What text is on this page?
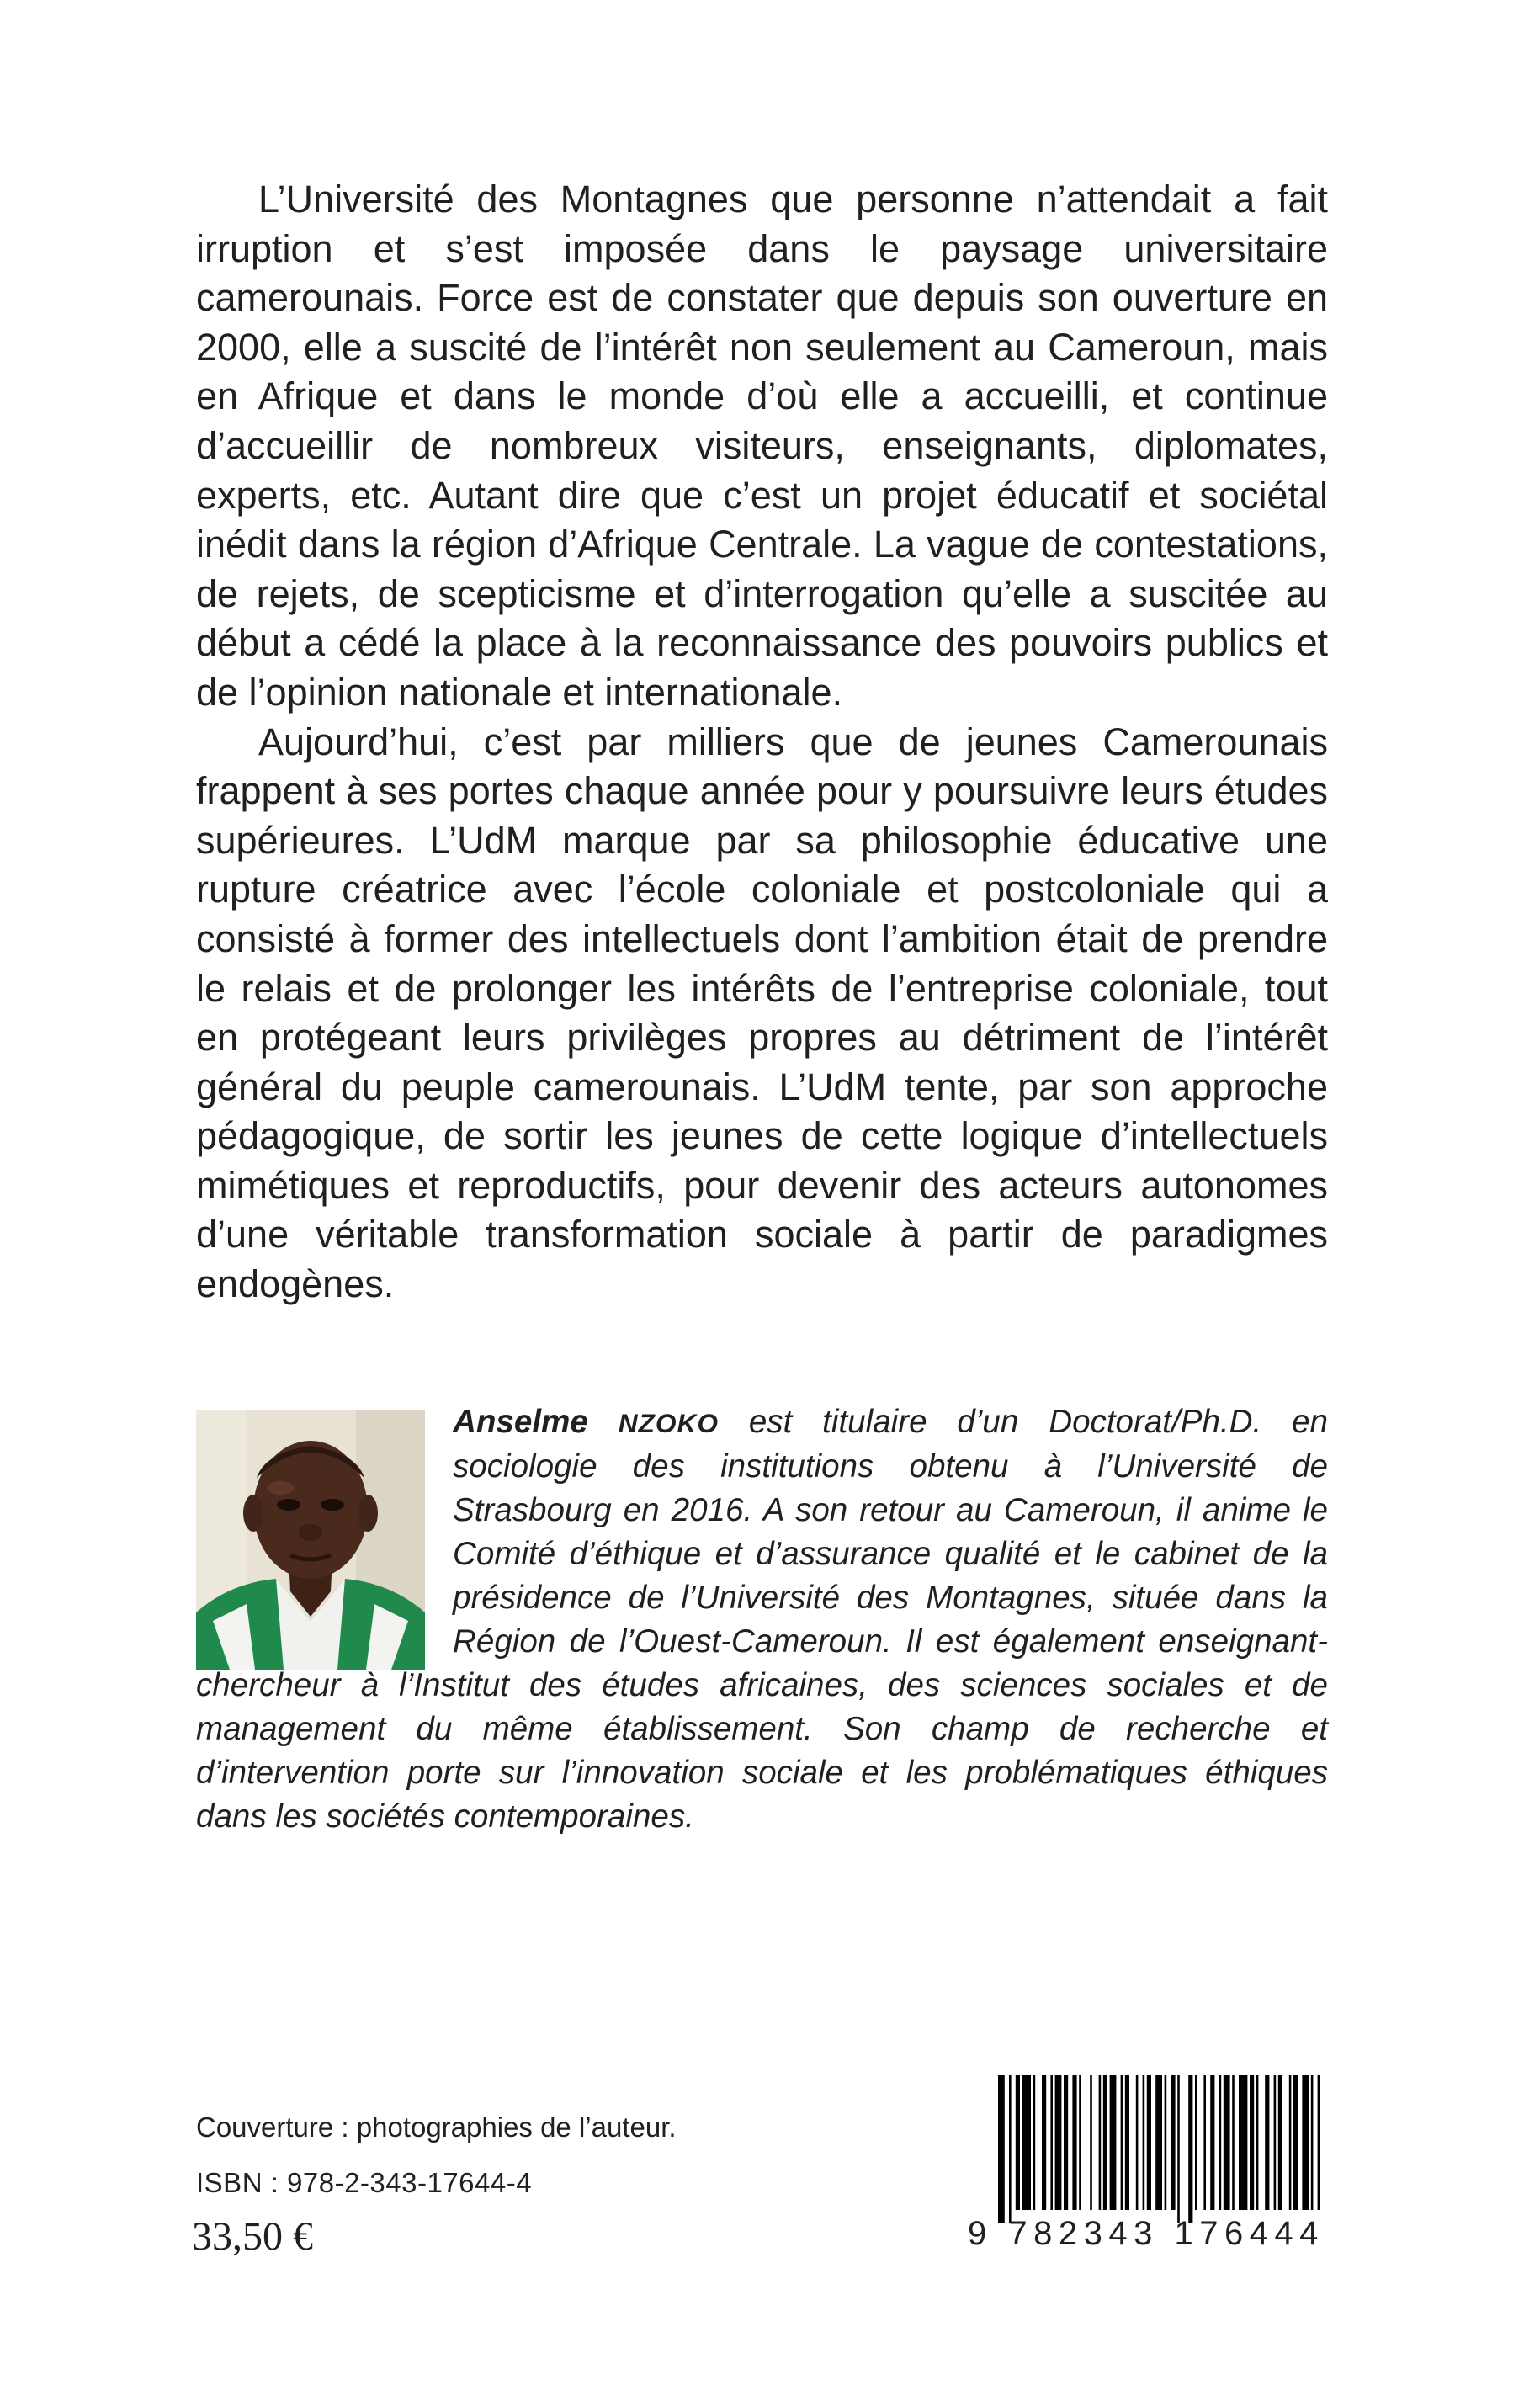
L’Université des Montagnes que personne n’attendait a fait irruption et s’est imposée dans le paysage universitaire camerounais. Force est de constater que depuis son ouverture en 2000, elle a suscité de l’intérêt non seulement au Cameroun, mais en Afrique et dans le monde d’où elle a accueilli, et continue d’accueillir de nombreux visiteurs, enseignants, diplomates, experts, etc. Autant dire que c’est un projet éducatif et sociétal inédit dans la région d’Afrique Centrale. La vague de contestations, de rejets, de scepticisme et d’interrogation qu’elle a suscitée au début a cédé la place à la reconnaissance des pouvoirs publics et de l’opinion nationale et internationale.

Aujourd’hui, c’est par milliers que de jeunes Camerounais frappent à ses portes chaque année pour y poursuivre leurs études supérieures. L’UdM marque par sa philosophie éducative une rupture créatrice avec l’école coloniale et postcoloniale qui a consisté à former des intellectuels dont l’ambition était de prendre le relais et de prolonger les intérêts de l’entreprise coloniale, tout en protégeant leurs privilèges propres au détriment de l’intérêt général du peuple camerounais. L’UdM tente, par son approche pédagogique, de sortir les jeunes de cette logique d’intellectuels mimétiques et reproductifs, pour devenir des acteurs autonomes d’une véritable transformation sociale à partir de paradigmes endogènes.

Anselme NZOKO est titulaire d’un Doctorat/Ph.D. en sociologie des institutions obtenu à l’Université de Strasbourg en 2016. A son retour au Cameroun, il anime le Comité d’éthique et d’assurance qualité et le cabinet de la présidence de l’Université des Montagnes, située dans la Région de l’Ouest-Cameroun. Il est également enseignant-chercheur à l’Institut des études africaines, des sciences sociales et de management du même établissement. Son champ de recherche et d’intervention porte sur l’innovation sociale et les problématiques éthiques dans les sociétés contemporaines.

Couverture : photographies de l’auteur.
ISBN : 978-2-343-17644-4
33,50 €	9 782343 176444
